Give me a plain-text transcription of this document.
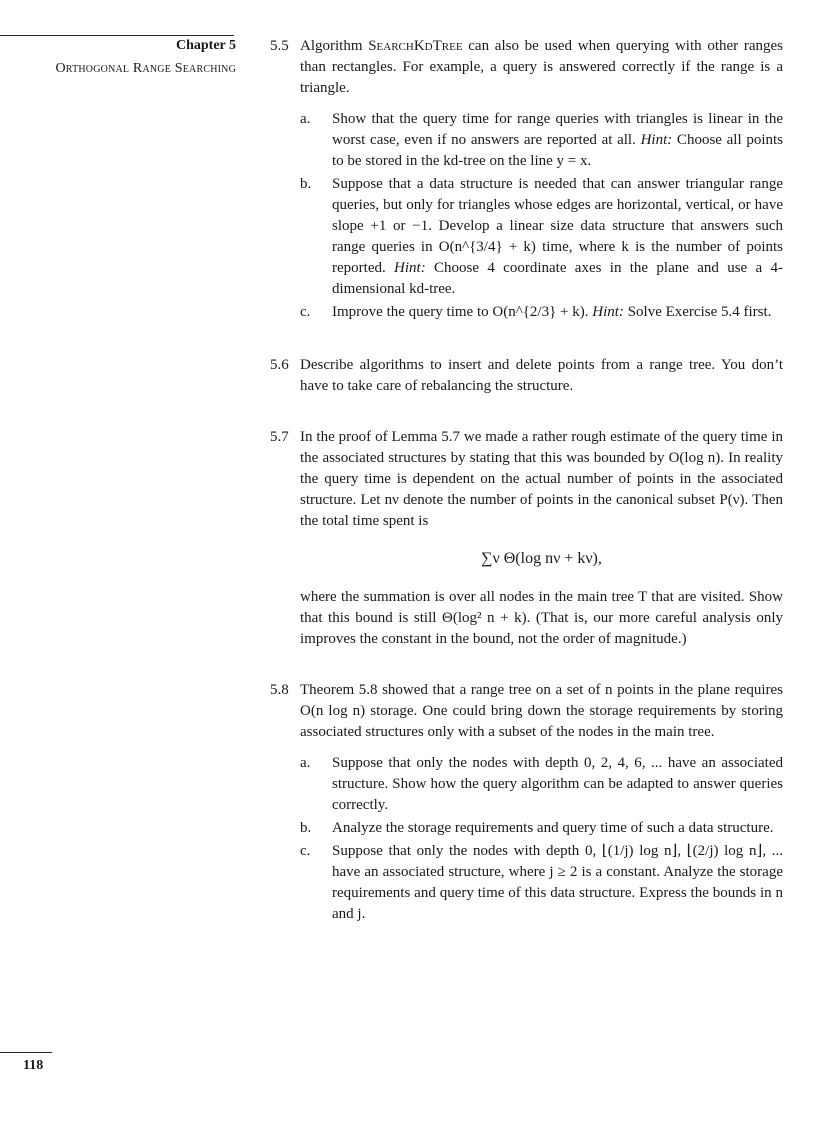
Chapter 5
Orthogonal Range Searching
5.5 Algorithm SearchKdTree can also be used when querying with other ranges than rectangles. For example, a query is answered correctly if the range is a triangle.

a. Show that the query time for range queries with triangles is linear in the worst case, even if no answers are reported at all. Hint: Choose all points to be stored in the kd-tree on the line y = x.
b. Suppose that a data structure is needed that can answer triangular range queries, but only for triangles whose edges are horizontal, vertical, or have slope +1 or −1. Develop a linear size data structure that answers such range queries in O(n^{3/4} + k) time, where k is the number of points reported. Hint: Choose 4 coordinate axes in the plane and use a 4-dimensional kd-tree.
c. Improve the query time to O(n^{2/3} + k). Hint: Solve Exercise 5.4 first.
5.6 Describe algorithms to insert and delete points from a range tree. You don’t have to take care of rebalancing the structure.

5.7 In the proof of Lemma 5.7 we made a rather rough estimate of the query time in the associated structures by stating that this was bounded by O(log n). In reality the query time is dependent on the actual number of points in the associated structure. Let nν denote the number of points in the canonical subset P(ν). Then the total time spent is

∑ν Θ(log nν + kν),

where the summation is over all nodes in the main tree T that are visited. Show that this bound is still Θ(log² n + k). (That is, our more careful analysis only improves the constant in the bound, not the order of magnitude.)

5.8 Theorem 5.8 showed that a range tree on a set of n points in the plane requires O(n log n) storage. One could bring down the storage requirements by storing associated structures only with a subset of the nodes in the main tree.

a. Suppose that only the nodes with depth 0, 2, 4, 6, ... have an associated structure. Show how the query algorithm can be adapted to answer queries correctly.
b. Analyze the storage requirements and query time of such a data structure.
c. Suppose that only the nodes with depth 0, ⌊(1/j) log n⌋, ⌊(2/j) log n⌋, ... have an associated structure, where j ≥ 2 is a constant. Analyze the storage requirements and query time of this data structure. Express the bounds in n and j.
118
